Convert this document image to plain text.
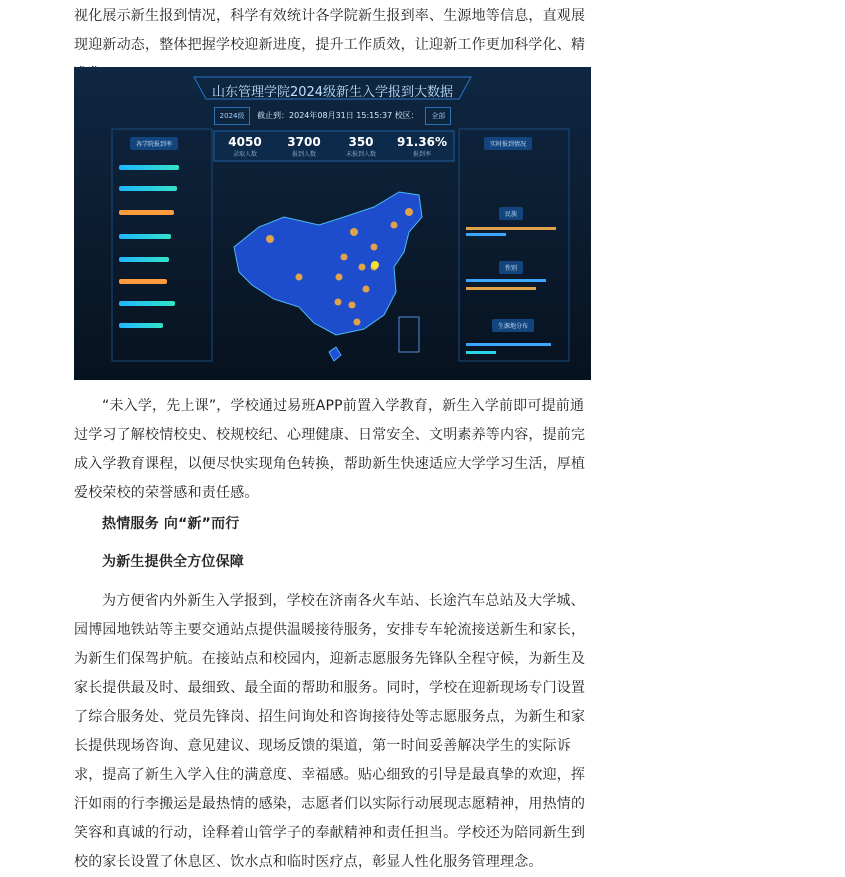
视化展示新生报到情况，科学有效统计各学院新生报到率、生源地等信息，直观展现迎新动态，整体把握学校迎新进度，提升工作质效，让迎新工作更加科学化、精

山东管理学院2024级新生入学报到大数据
2024级 截止到：2024年08月31日 15:15:37 校区： 全部
4050
录取人数
3700
报到人数
350
未报到人数
91.36%
报到率
各学院报到率	实时报到情况
民族
性别
生源地分布

“未入学，先上课”，学校通过易班APP前置入学教育，新生入学前即可提前通过学习了解校情校史、校规校纪、心理健康、日常安全、文明素养等内容，提前完成入学教育课程，以便尽快实现角色转换，帮助新生快速适应大学学习生活，厚植爱校荣校的荣誉感和责任感。

热情服务 向“新”而行

为新生提供全方位保障

为方便省内外新生入学报到，学校在济南各火车站、长途汽车总站及大学城、园博园地铁站等主要交通站点提供温暖接待服务，安排专车轮流接送新生和家长，为新生们保驾护航。在接站点和校园内，迎新志愿服务先锋队全程守候，为新生及家长提供最及时、最细致、最全面的帮助和服务。同时，学校在迎新现场专门设置了综合服务处、党员先锋岗、招生问询处和咨询接待处等志愿服务点，为新生和家长提供现场咨询、意见建议、现场反馈的渠道，第一时间妥善解决学生的实际诉求，提高了新生入学入住的满意度、幸福感。贴心细致的引导是最真挚的欢迎，挥汗如雨的行李搬运是最热情的感染，志愿者们以实际行动展现志愿精神，用热情的笑容和真诚的行动，诠释着山管学子的奉献精神和责任担当。学校还为陪同新生到校的家长设置了休息区、饮水点和临时医疗点，彰显人性化服务管理理念。
